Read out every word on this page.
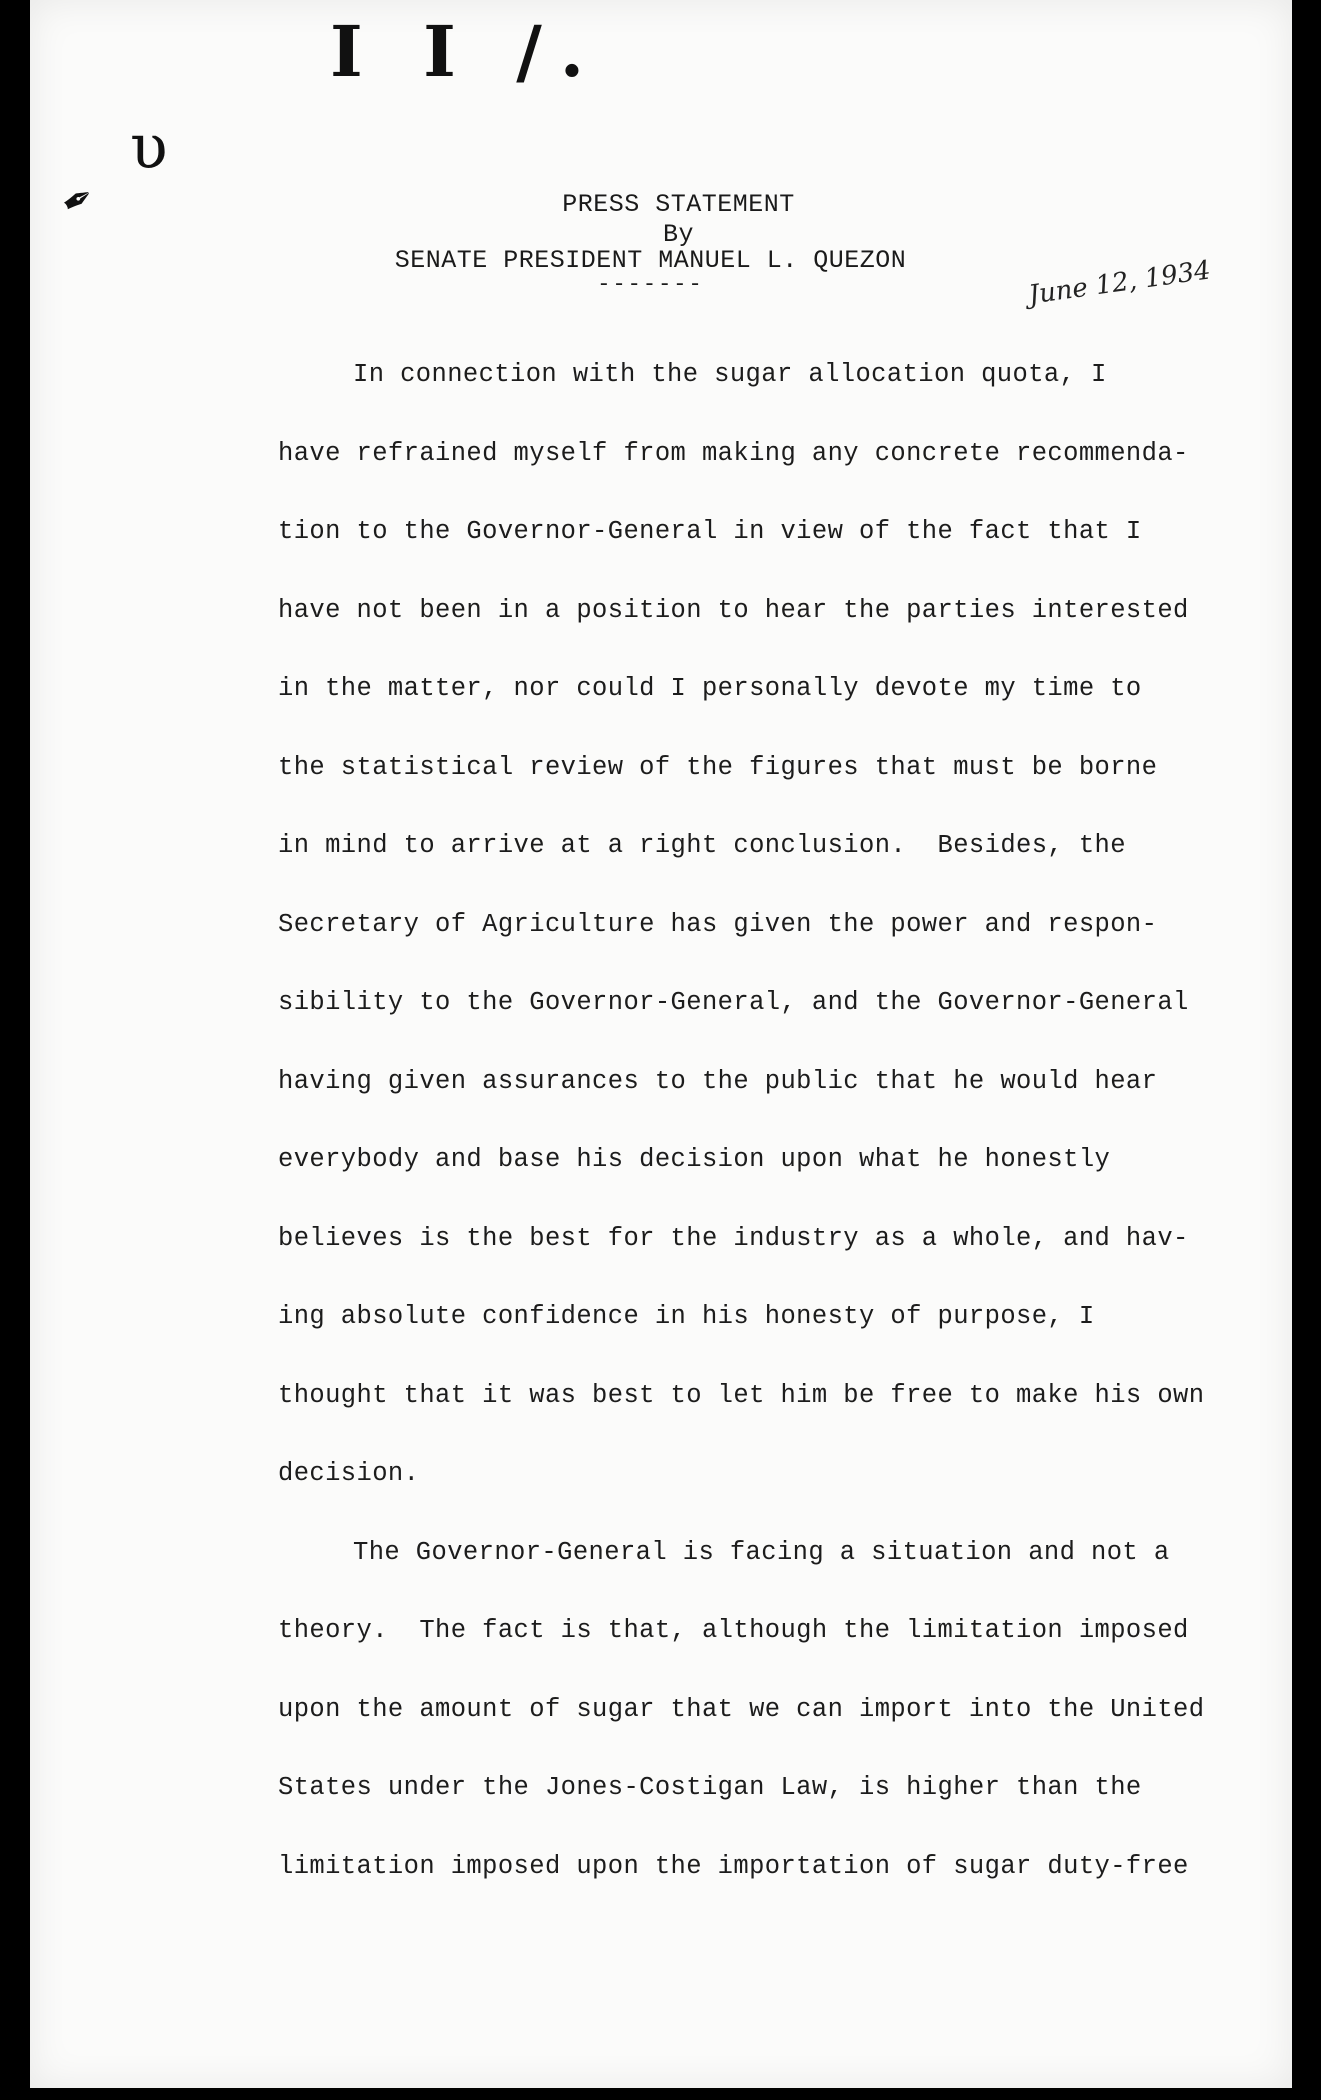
I I /.
υ
✒	PRESS STATEMENT
By
SENATE PRESIDENT MANUEL L. QUEZON
-------	June 12, 1934
In connection with the sugar allocation quota, I
have refrained myself from making any concrete recommenda-
tion to the Governor-General in view of the fact that I
have not been in a position to hear the parties interested
in the matter, nor could I personally devote my time to
the statistical review of the figures that must be borne
in mind to arrive at a right conclusion.  Besides, the
Secretary of Agriculture has given the power and respon-
sibility to the Governor-General, and the Governor-General
having given assurances to the public that he would hear
everybody and base his decision upon what he honestly
believes is the best for the industry as a whole, and hav-
ing absolute confidence in his honesty of purpose, I
thought that it was best to let him be free to make his own
decision.
The Governor-General is facing a situation and not a
theory.  The fact is that, although the limitation imposed
upon the amount of sugar that we can import into the United
States under the Jones-Costigan Law, is higher than the
limitation imposed upon the importation of sugar duty-free
